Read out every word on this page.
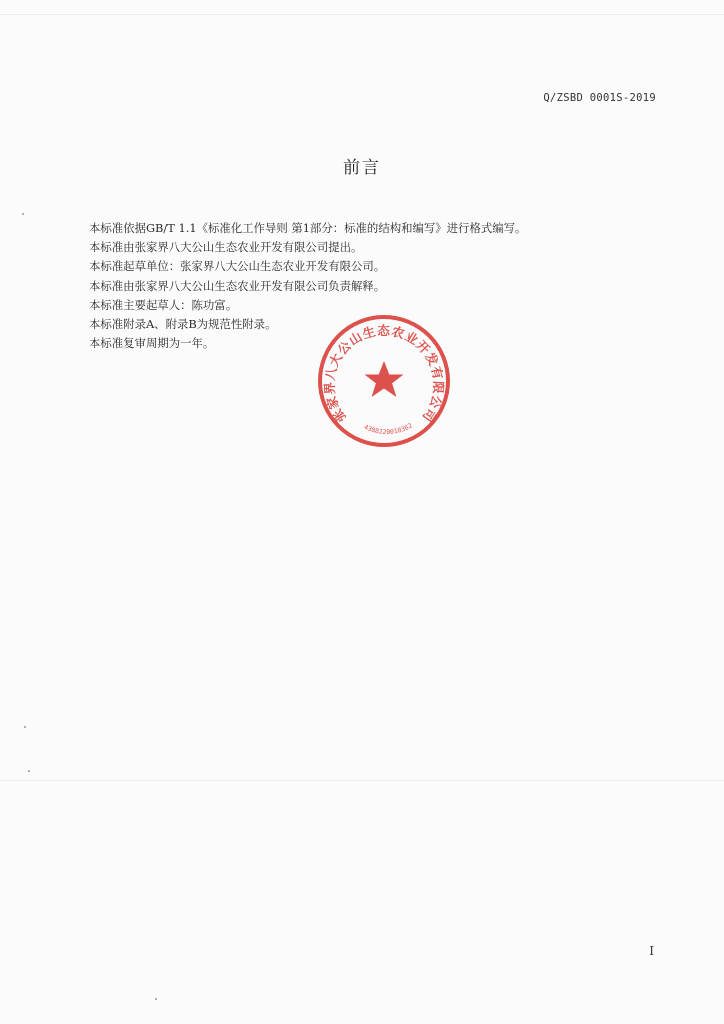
Q/ZSBD 0001S-2019
前言
本标准依据GB/T 1.1《标准化工作导则 第1部分：标准的结构和编写》进行格式编写。
本标准由张家界八大公山生态农业开发有限公司提出。
本标准起草单位：张家界八大公山生态农业开发有限公司。
本标准由张家界八大公山生态农业开发有限公司负责解释。
本标准主要起草人：陈功富。
本标准附录A、附录B为规范性附录。
本标准复审周期为一年。
张家界八大公山生态农业开发有限公司
4308220010362
I
